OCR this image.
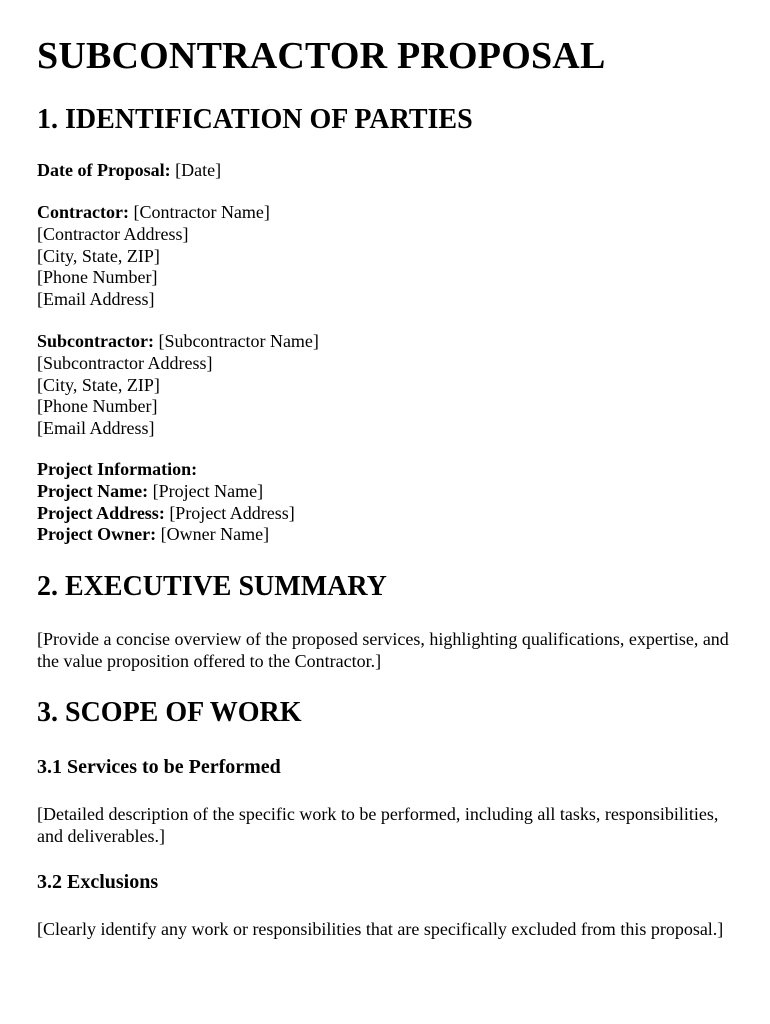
SUBCONTRACTOR PROPOSAL
1. IDENTIFICATION OF PARTIES
Date of Proposal: [Date]
Contractor: [Contractor Name]
[Contractor Address]
[City, State, ZIP]
[Phone Number]
[Email Address]
Subcontractor: [Subcontractor Name]
[Subcontractor Address]
[City, State, ZIP]
[Phone Number]
[Email Address]
Project Information:
Project Name: [Project Name]
Project Address: [Project Address]
Project Owner: [Owner Name]
2. EXECUTIVE SUMMARY
[Provide a concise overview of the proposed services, highlighting qualifications, expertise, and the value proposition offered to the Contractor.]
3. SCOPE OF WORK
3.1 Services to be Performed
[Detailed description of the specific work to be performed, including all tasks, responsibilities, and deliverables.]
3.2 Exclusions
[Clearly identify any work or responsibilities that are specifically excluded from this proposal.]
